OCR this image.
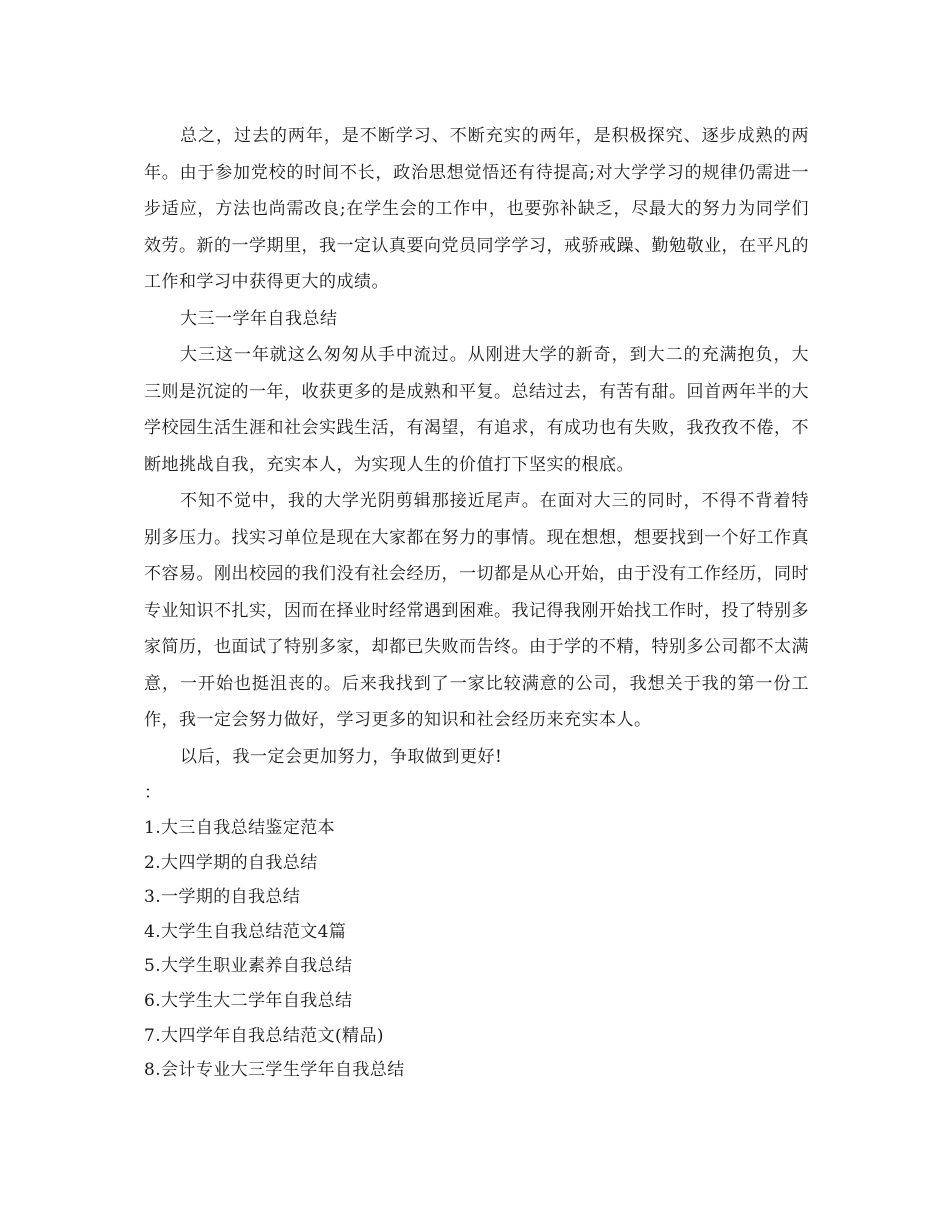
总之，过去的两年，是不断学习、不断充实的两年，是积极探究、逐步成熟的两年。由于参加党校的时间不长，政治思想觉悟还有待提高;对大学学习的规律仍需进一步适应，方法也尚需改良;在学生会的工作中，也要弥补缺乏，尽最大的努力为同学们效劳。新的一学期里，我一定认真要向党员同学学习，戒骄戒躁、勤勉敬业，在平凡的工作和学习中获得更大的成绩。

大三一学年自我总结

大三这一年就这么匆匆从手中流过。从刚进大学的新奇，到大二的充满抱负，大三则是沉淀的一年，收获更多的是成熟和平复。总结过去，有苦有甜。回首两年半的大学校园生活生涯和社会实践生活，有渴望，有追求，有成功也有失败，我孜孜不倦，不断地挑战自我，充实本人，为实现人生的价值打下坚实的根底。

不知不觉中，我的大学光阴剪辑那接近尾声。在面对大三的同时，不得不背着特别多压力。找实习单位是现在大家都在努力的事情。现在想想，想要找到一个好工作真不容易。刚出校园的我们没有社会经历，一切都是从心开始，由于没有工作经历，同时专业知识不扎实，因而在择业时经常遇到困难。我记得我刚开始找工作时，投了特别多家简历，也面试了特别多家，却都已失败而告终。由于学的不精，特别多公司都不太满意，一开始也挺沮丧的。后来我找到了一家比较满意的公司，我想关于我的第一份工作，我一定会努力做好，学习更多的知识和社会经历来充实本人。

以后，我一定会更加努力，争取做到更好!

：

1.大三自我总结鉴定范本
2.大四学期的自我总结
3.一学期的自我总结
4.大学生自我总结范文4篇
5.大学生职业素养自我总结
6.大学生大二学年自我总结
7.大四学年自我总结范文(精品)
8.会计专业大三学生学年自我总结
